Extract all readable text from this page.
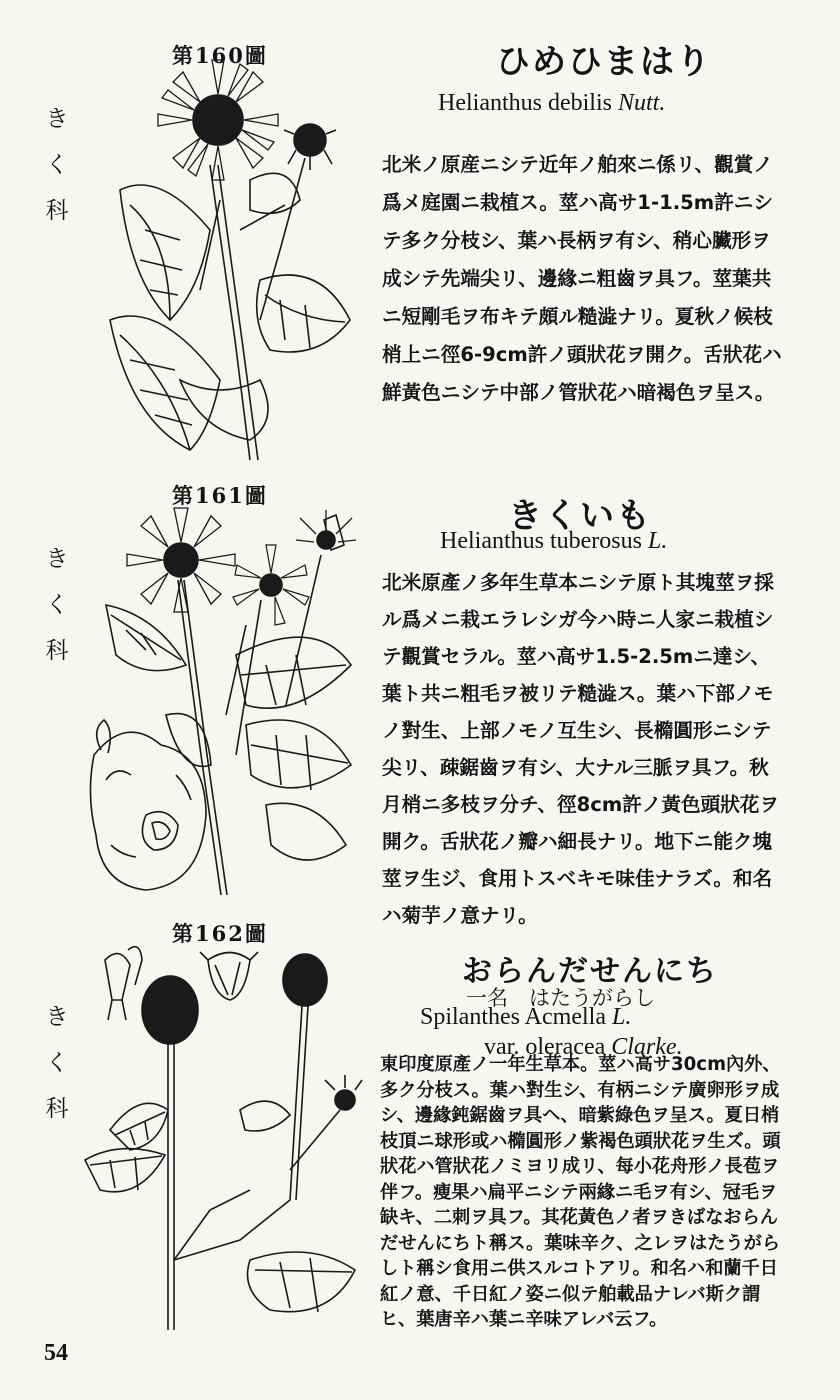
第160圖
き
く
科
ひめひまはり
Helianthus debilis Nutt.
北米ノ原産ニシテ近年ノ舶來ニ係リ、觀賞ノ爲メ庭園ニ栽植ス。莖ハ高サ1-1.5m許ニシテ多ク分枝シ、葉ハ長柄ヲ有シ、稍心臟形ヲ成シテ先端尖リ、邊緣ニ粗齒ヲ具フ。莖葉共ニ短剛毛ヲ布キテ頗ル糙澁ナリ。夏秋ノ候枝梢上ニ徑6-9cm許ノ頭狀花ヲ開ク。舌狀花ハ鮮黃色ニシテ中部ノ管狀花ハ暗褐色ヲ呈ス。
第161圖
き
く
科
きくいも
Helianthus tuberosus L.
北米原產ノ多年生草本ニシテ原ト其塊莖ヲ採ル爲メニ栽エラレシガ今ハ時ニ人家ニ栽植シテ觀賞セラル。莖ハ高サ1.5-2.5mニ達シ、葉ト共ニ粗毛ヲ被リテ糙澁ス。葉ハ下部ノモノ對生、上部ノモノ互生シ、長橢圓形ニシテ尖リ、疎鋸齒ヲ有シ、大ナル三脈ヲ具フ。秋月梢ニ多枝ヲ分チ、徑8cm許ノ黃色頭狀花ヲ開ク。舌狀花ノ瓣ハ細長ナリ。地下ニ能ク塊莖ヲ生ジ、食用トスベキモ味佳ナラズ。和名ハ菊芋ノ意ナリ。
第162圖
き
く
科
おらんだせんにち
一名　はたうがらし
Spilanthes Acmella L.
var. oleracea Clarke.
東印度原產ノ一年生草本。莖ハ高サ30cm內外、多ク分枝ス。葉ハ對生シ、有柄ニシテ廣卵形ヲ成シ、邊緣鈍鋸齒ヲ具ヘ、暗紫綠色ヲ呈ス。夏日梢枝頂ニ球形或ハ橢圓形ノ紫褐色頭狀花ヲ生ズ。頭狀花ハ管狀花ノミヨリ成リ、每小花舟形ノ長苞ヲ伴フ。瘦果ハ扁平ニシテ兩緣ニ毛ヲ有シ、冠毛ヲ缺キ、二刺ヲ具フ。其花黃色ノ者ヲきばなおらんだせんにちト稱ス。葉味辛ク、之レヲはたうがらしト稱シ食用ニ供スルコトアリ。和名ハ和蘭千日紅ノ意、千日紅ノ姿ニ似テ舶載品ナレバ斯ク謂ヒ、葉唐辛ハ葉ニ辛味アレバ云フ。
54
